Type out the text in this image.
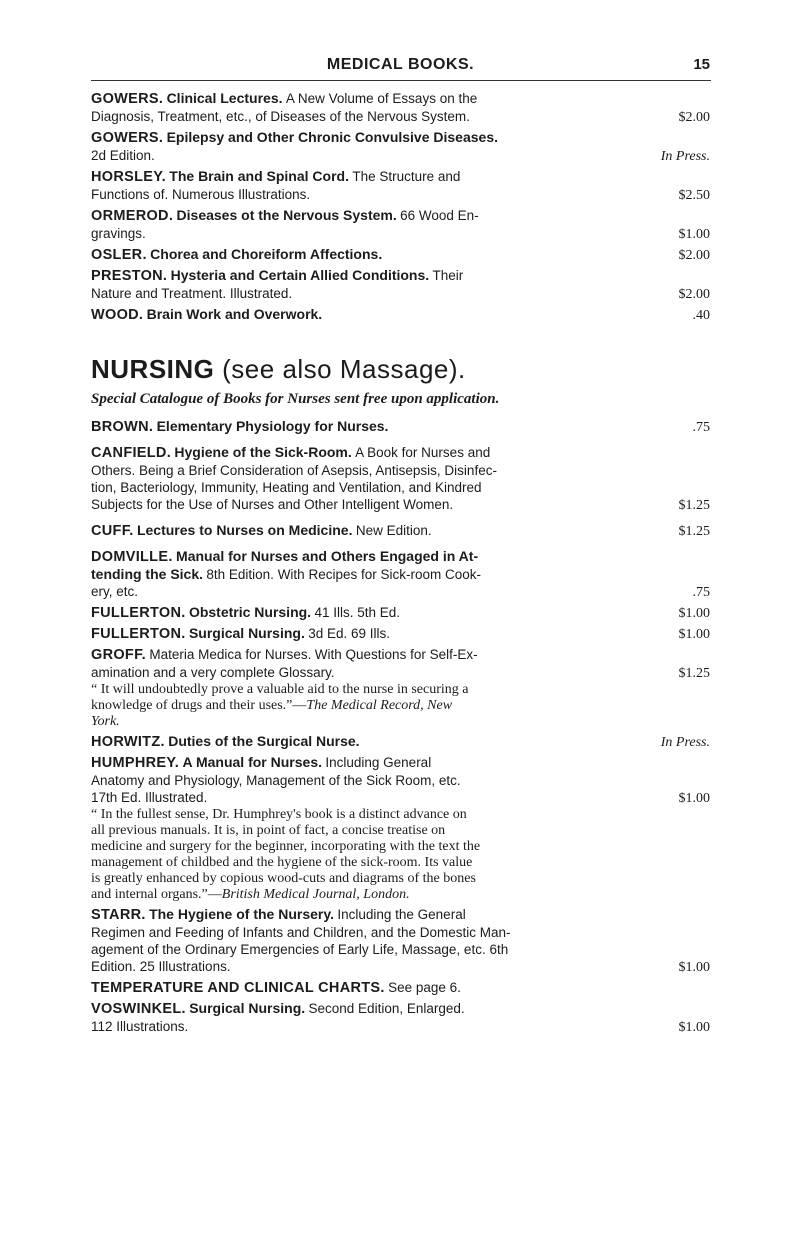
MEDICAL BOOKS.	15
GOWERS. Clinical Lectures. A New Volume of Essays on the
Diagnosis, Treatment, etc., of Diseases of the Nervous System.	$2.00
GOWERS. Epilepsy and Other Chronic Convulsive Diseases.
2d Edition.	In Press.
HORSLEY. The Brain and Spinal Cord. The Structure and
Functions of. Numerous Illustrations.	$2.50
ORMEROD. Diseases ot the Nervous System. 66 Wood En-
gravings.	$1.00
OSLER. Chorea and Choreiform Affections.	$2.00
PRESTON. Hysteria and Certain Allied Conditions. Their
Nature and Treatment. Illustrated.	$2.00
WOOD. Brain Work and Overwork.	.40
NURSING (see also Massage).
Special Catalogue of Books for Nurses sent free upon application.
BROWN. Elementary Physiology for Nurses.	.75
CANFIELD. Hygiene of the Sick-Room. A Book for Nurses and
Others. Being a Brief Consideration of Asepsis, Antisepsis, Disinfec-
tion, Bacteriology, Immunity, Heating and Ventilation, and Kindred
Subjects for the Use of Nurses and Other Intelligent Women.	$1.25
CUFF. Lectures to Nurses on Medicine. New Edition.	$1.25
DOMVILLE. Manual for Nurses and Others Engaged in At-
tending the Sick. 8th Edition. With Recipes for Sick-room Cook-
ery, etc.	.75
FULLERTON. Obstetric Nursing. 41 Ills. 5th Ed.	$1.00
FULLERTON. Surgical Nursing. 3d Ed. 69 Ills.	$1.00
GROFF. Materia Medica for Nurses. With Questions for Self-Ex-
amination and a very complete Glossary.	$1.25
“ It will undoubtedly prove a valuable aid to the nurse in securing a
knowledge of drugs and their uses.”—The Medical Record, New
York.
HORWITZ. Duties of the Surgical Nurse.	In Press.
HUMPHREY. A Manual for Nurses. Including General
Anatomy and Physiology, Management of the Sick Room, etc.
17th Ed. Illustrated.	$1.00
“ In the fullest sense, Dr. Humphrey's book is a distinct advance on
all previous manuals. It is, in point of fact, a concise treatise on
medicine and surgery for the beginner, incorporating with the text the
management of childbed and the hygiene of the sick-room. Its value
is greatly enhanced by copious wood-cuts and diagrams of the bones
and internal organs.”—British Medical Journal, London.
STARR. The Hygiene of the Nursery. Including the General
Regimen and Feeding of Infants and Children, and the Domestic Man-
agement of the Ordinary Emergencies of Early Life, Massage, etc. 6th
Edition. 25 Illustrations.	$1.00
TEMPERATURE AND CLINICAL CHARTS. See page 6.
VOSWINKEL. Surgical Nursing. Second Edition, Enlarged.
112 Illustrations.	$1.00
